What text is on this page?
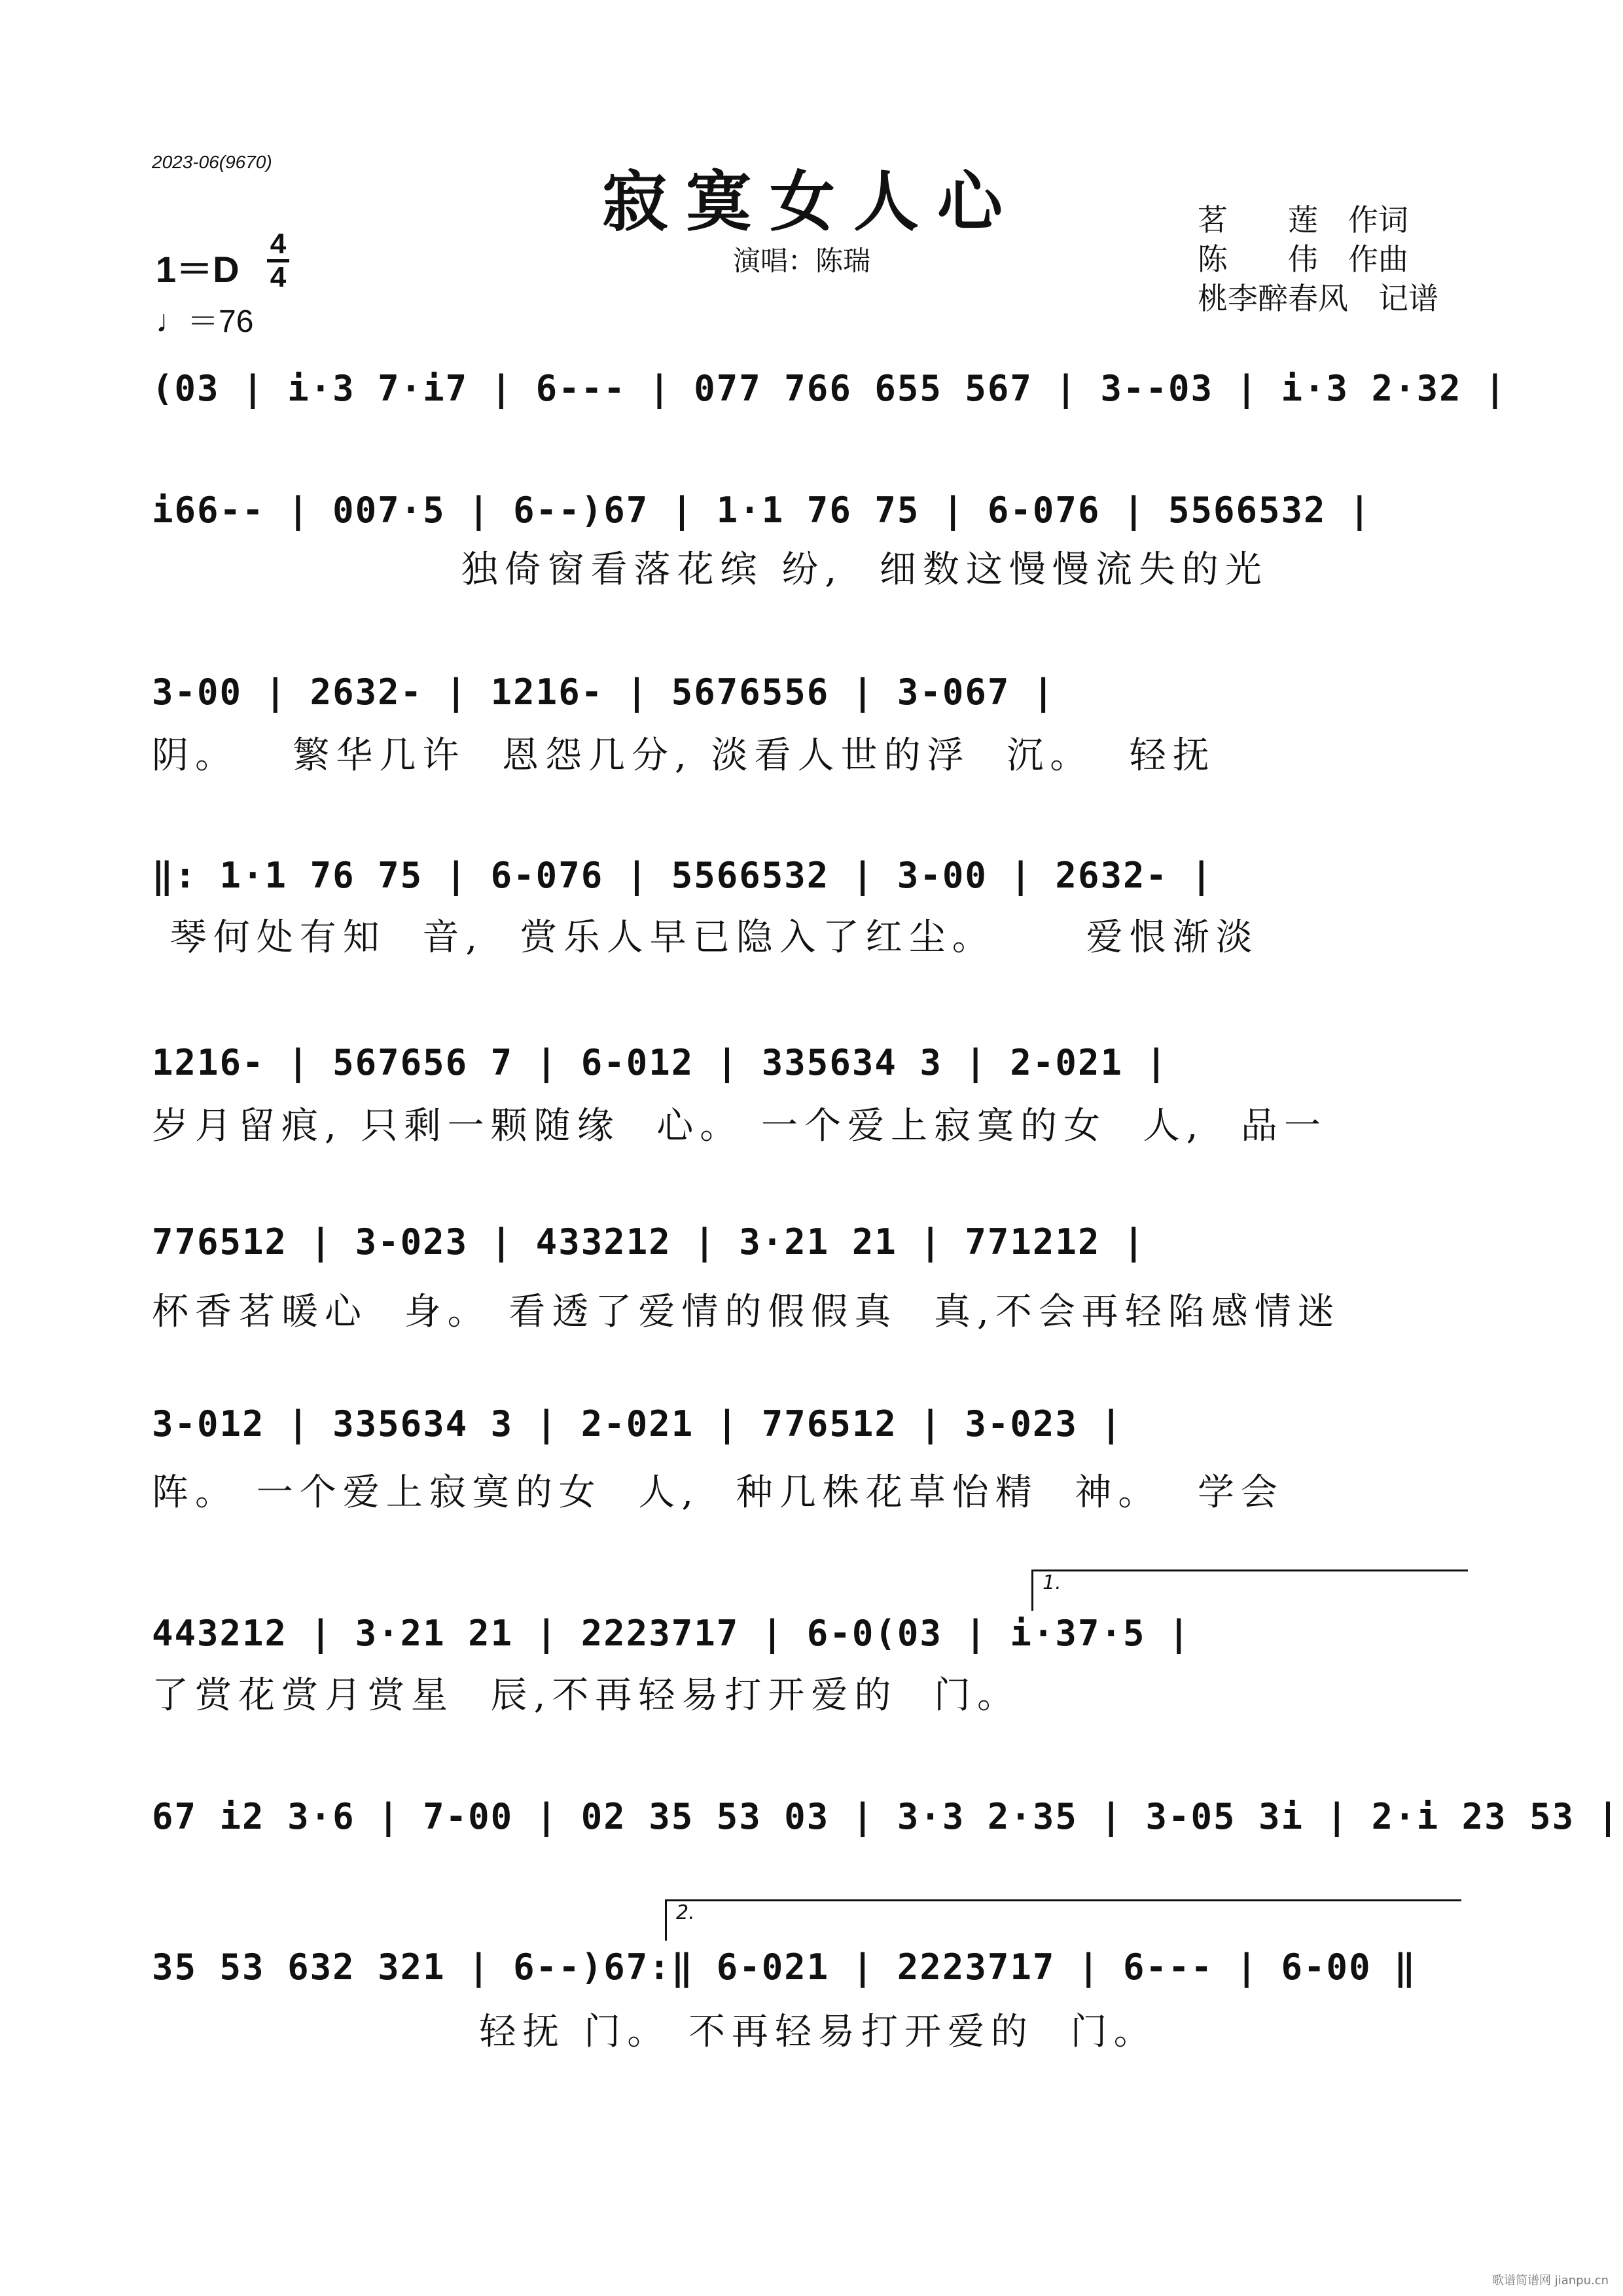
2023-06(9670)
寂寞女人心
演唱：陈瑞
茗　　莲　作词
陈　　伟　作曲
桃李醉春风　记谱
1＝D
4
4
♩＝76
(03 | i·3 7·i7 | 6--- | 077 766 655 567 | 3--03 | i·3 2·32 |
i66-- | 007·5 | 6--)67 | 1·1 76 75 | 6-076 | 5566532 |
独倚窗看落花缤 纷,  细数这慢慢流失的光
3-00 | 2632- | 1216- | 5676556 | 3-067 |
阴。   繁华几许  恩怨几分, 淡看人世的浮  沉。  轻抚
‖: 1·1 76 75 | 6-076 | 5566532 | 3-00 | 2632- |
琴何处有知  音,  赏乐人早已隐入了红尘。     爱恨渐淡
1216- | 567656 7 | 6-012 | 335634 3 | 2-021 |
岁月留痕, 只剩一颗随缘  心。 一个爱上寂寞的女  人,  品一
776512 | 3-023 | 433212 | 3·21 21 | 771212 |
杯香茗暖心  身。 看透了爱情的假假真  真,不会再轻陷感情迷
3-012 | 335634 3 | 2-021 | 776512 | 3-023 |
阵。 一个爱上寂寞的女  人,  种几株花草怡精  神。  学会
1.
443212 | 3·21 21 | 2223717 | 6-0(03 | i·37·5 |
了赏花赏月赏星  辰,不再轻易打开爱的  门。
67 i2 3·6 | 7-00 | 02 35 53 03 | 3·3 2·35 | 3-05 3i | 2·i 23 53 |
2.
35 53 632 321 | 6--)67:‖ 6-021 | 2223717 | 6--- | 6-00 ‖
轻抚 门。 不再轻易打开爱的  门。
歌谱简谱网 jianpu.cn
